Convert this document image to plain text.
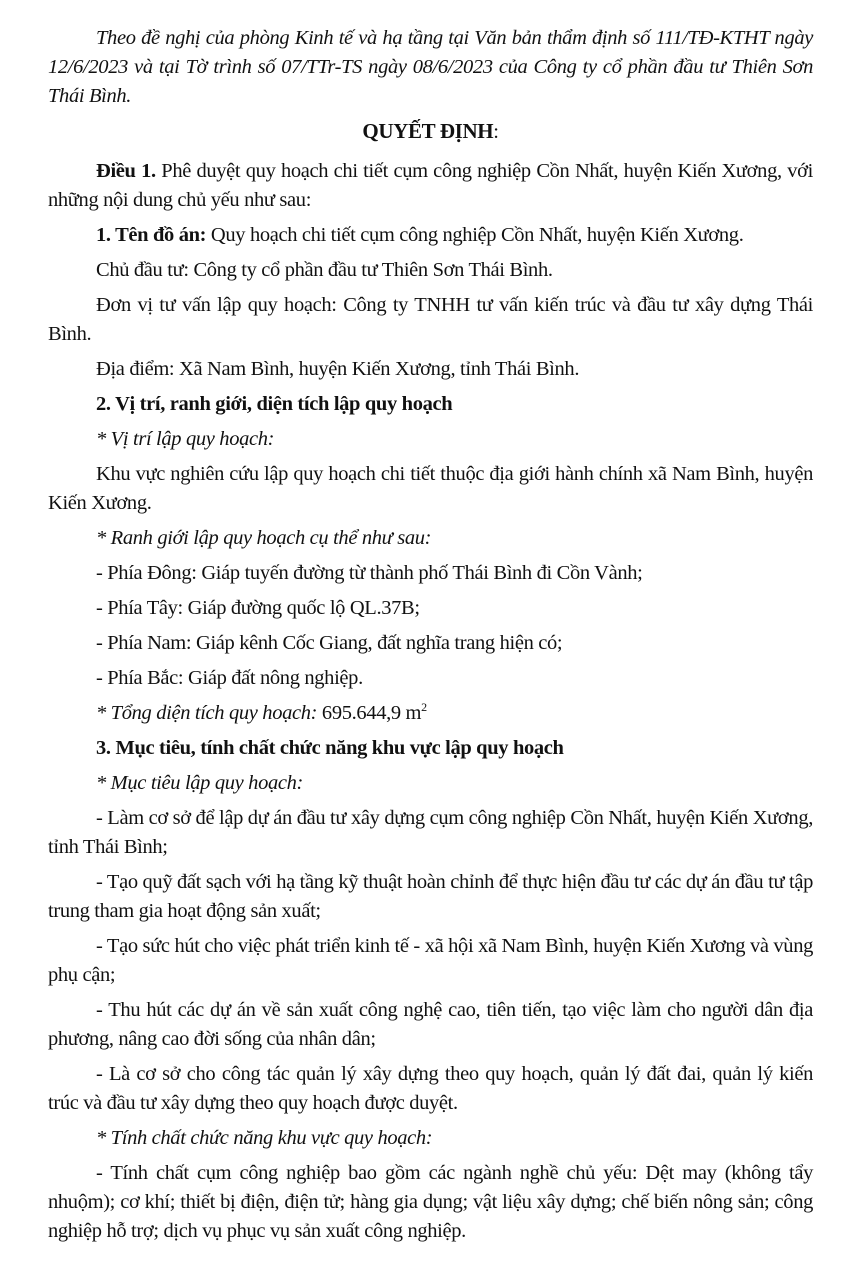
Theo đề nghị của phòng Kinh tế và hạ tầng tại Văn bản thẩm định số 111/TĐ-KTHT ngày 12/6/2023 và tại Tờ trình số 07/TTr-TS ngày 08/6/2023 của Công ty cổ phần đầu tư Thiên Sơn Thái Bình.

QUYẾT ĐỊNH:

Điều 1. Phê duyệt quy hoạch chi tiết cụm công nghiệp Cồn Nhất, huyện Kiến Xương, với những nội dung chủ yếu như sau:

1. Tên đồ án: Quy hoạch chi tiết cụm công nghiệp Cồn Nhất, huyện Kiến Xương.

Chủ đầu tư: Công ty cổ phần đầu tư Thiên Sơn Thái Bình.

Đơn vị tư vấn lập quy hoạch: Công ty TNHH tư vấn kiến trúc và đầu tư xây dựng Thái Bình.

Địa điểm: Xã Nam Bình, huyện Kiến Xương, tỉnh Thái Bình.

2. Vị trí, ranh giới, diện tích lập quy hoạch

* Vị trí lập quy hoạch:

Khu vực nghiên cứu lập quy hoạch chi tiết thuộc địa giới hành chính xã Nam Bình, huyện Kiến Xương.

* Ranh giới lập quy hoạch cụ thể như sau:

- Phía Đông: Giáp tuyến đường từ thành phố Thái Bình đi Cồn Vành;

- Phía Tây: Giáp đường quốc lộ QL.37B;

- Phía Nam: Giáp kênh Cốc Giang, đất nghĩa trang hiện có;

- Phía Bắc: Giáp đất nông nghiệp.

* Tổng diện tích quy hoạch: 695.644,9 $m^2$

3. Mục tiêu, tính chất chức năng khu vực lập quy hoạch

* Mục tiêu lập quy hoạch:

- Làm cơ sở để lập dự án đầu tư xây dựng cụm công nghiệp Cồn Nhất, huyện Kiến Xương, tỉnh Thái Bình;

- Tạo quỹ đất sạch với hạ tầng kỹ thuật hoàn chỉnh để thực hiện đầu tư các dự án đầu tư tập trung tham gia hoạt động sản xuất;

- Tạo sức hút cho việc phát triển kinh tế - xã hội xã Nam Bình, huyện Kiến Xương và vùng phụ cận;

- Thu hút các dự án về sản xuất công nghệ cao, tiên tiến, tạo việc làm cho người dân địa phương, nâng cao đời sống của nhân dân;

- Là cơ sở cho công tác quản lý xây dựng theo quy hoạch, quản lý đất đai, quản lý kiến trúc và đầu tư xây dựng theo quy hoạch được duyệt.

* Tính chất chức năng khu vực quy hoạch:

- Tính chất cụm công nghiệp bao gồm các ngành nghề chủ yếu: Dệt may (không tẩy nhuộm); cơ khí; thiết bị điện, điện tử; hàng gia dụng; vật liệu xây dựng; chế biến nông sản; công nghiệp hỗ trợ; dịch vụ phục vụ sản xuất công nghiệp.
